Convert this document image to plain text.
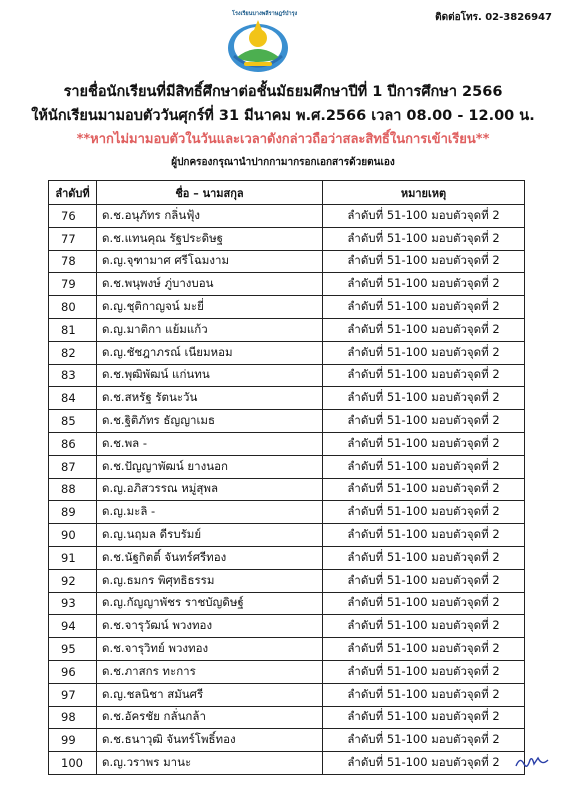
ติดต่อโทร. 02-3826947
โรงเรียนบางพลีราษฎร์บำรุง
รายชื่อนักเรียนที่มีสิทธิ์ศึกษาต่อชั้นมัธยมศึกษาปีที่ 1 ปีการศึกษา 2566
ให้นักเรียนมามอบตัววันศุกร์ที่ 31 มีนาคม พ.ศ.2566 เวลา 08.00 - 12.00 น.
**หากไม่มามอบตัวในวันและเวลาดังกล่าวถือว่าสละสิทธิ์ในการเข้าเรียน**
ผู้ปกครองกรุณานำปากกามากรอกเอกสารด้วยตนเอง
ลำดับที่	ชื่อ – นามสกุล	หมายเหตุ
76	ด.ช.อนุภัทร กลิ่นฟุ้ง	ลำดับที่ 51-100 มอบตัวจุดที่ 2
77	ด.ช.แทนคุณ รัฐประดิษฐ	ลำดับที่ 51-100 มอบตัวจุดที่ 2
78	ด.ญ.จุฑามาศ ศรีโฉมงาม	ลำดับที่ 51-100 มอบตัวจุดที่ 2
79	ด.ช.พนุพงษ์ ภู่บางบอน	ลำดับที่ 51-100 มอบตัวจุดที่ 2
80	ด.ญ.ชุติกาญจน์ มะยี่	ลำดับที่ 51-100 มอบตัวจุดที่ 2
81	ด.ญ.มาติกา แย้มแก้ว	ลำดับที่ 51-100 มอบตัวจุดที่ 2
82	ด.ญ.ชัชฎาภรณ์ เนียมหอม	ลำดับที่ 51-100 มอบตัวจุดที่ 2
83	ด.ช.พุฒิพัฒน์ แก่นทน	ลำดับที่ 51-100 มอบตัวจุดที่ 2
84	ด.ช.สหรัฐ รัตนะวัน	ลำดับที่ 51-100 มอบตัวจุดที่ 2
85	ด.ช.ฐิติภัทร ธัญญาเมธ	ลำดับที่ 51-100 มอบตัวจุดที่ 2
86	ด.ช.พล -	ลำดับที่ 51-100 มอบตัวจุดที่ 2
87	ด.ช.ปัญญาพัฒน์ ยางนอก	ลำดับที่ 51-100 มอบตัวจุดที่ 2
88	ด.ญ.อภิสวรรณ หมู่สุพล	ลำดับที่ 51-100 มอบตัวจุดที่ 2
89	ด.ญ.มะลิ -	ลำดับที่ 51-100 มอบตัวจุดที่ 2
90	ด.ญ.นฤมล ดีรบรัมย์	ลำดับที่ 51-100 มอบตัวจุดที่ 2
91	ด.ช.นัฐกิตติ์ จันทร์ศรีทอง	ลำดับที่ 51-100 มอบตัวจุดที่ 2
92	ด.ญ.ธมกร พิศุทธิธรรม	ลำดับที่ 51-100 มอบตัวจุดที่ 2
93	ด.ญ.กัญญาพัชร ราชบัญดิษฐ์	ลำดับที่ 51-100 มอบตัวจุดที่ 2
94	ด.ช.จารุวัฒน์ พวงทอง	ลำดับที่ 51-100 มอบตัวจุดที่ 2
95	ด.ช.จารุวิทย์ พวงทอง	ลำดับที่ 51-100 มอบตัวจุดที่ 2
96	ด.ช.ภาสกร ทะการ	ลำดับที่ 51-100 มอบตัวจุดที่ 2
97	ด.ญ.ชลนิชา สมันศรี	ลำดับที่ 51-100 มอบตัวจุดที่ 2
98	ด.ช.อัครชัย กลั่นกล้า	ลำดับที่ 51-100 มอบตัวจุดที่ 2
99	ด.ช.ธนาวุฒิ จันทร์โพธิ์ทอง	ลำดับที่ 51-100 มอบตัวจุดที่ 2
100	ด.ญ.วราพร มานะ	ลำดับที่ 51-100 มอบตัวจุดที่ 2
